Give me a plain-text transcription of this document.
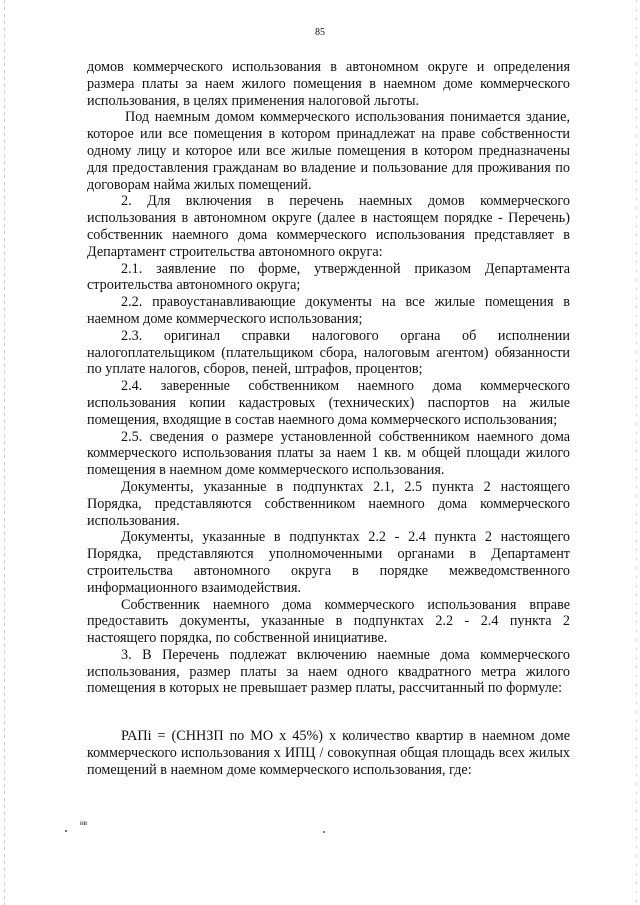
85

домов коммерческого использования в автономном округе и определения размера платы за наем жилого помещения в наемном доме коммерческого использования, в целях применения налоговой льготы.

Под наемным домом коммерческого использования понимается здание, которое или все помещения в котором принадлежат на праве собственности одному лицу и которое или все жилые помещения в котором предназначены для предоставления гражданам во владение и пользование для проживания по договорам найма жилых помещений.

2. Для включения в перечень наемных домов коммерческого использования в автономном округе (далее в настоящем порядке - Перечень) собственник наемного дома коммерческого использования представляет в Департамент строительства автономного округа:

2.1. заявление по форме, утвержденной приказом Департамента строительства автономного округа;

2.2. правоустанавливающие документы на все жилые помещения в наемном доме коммерческого использования;

2.3. оригинал справки налогового органа об исполнении налогоплательщиком (плательщиком сбора, налоговым агентом) обязанности по уплате налогов, сборов, пеней, штрафов, процентов;

2.4. заверенные собственником наемного дома коммерческого использования копии кадастровых (технических) паспортов на жилые помещения, входящие в состав наемного дома коммерческого использования;

2.5. сведения о размере установленной собственником наемного дома коммерческого использования платы за наем 1 кв. м общей площади жилого помещения в наемном доме коммерческого использования.

Документы, указанные в подпунктах 2.1, 2.5 пункта 2 настоящего Порядка, представляются собственником наемного дома коммерческого использования.

Документы, указанные в подпунктах 2.2 - 2.4 пункта 2 настоящего Порядка, представляются уполномоченными органами в Департамент строительства автономного округа в порядке межведомственного информационного взаимодействия.

Собственник наемного дома коммерческого использования вправе предоставить документы, указанные в подпунктах 2.2 - 2.4 пункта 2 настоящего порядка, по собственной инициативе.

3. В Перечень подлежат включению наемные дома коммерческого использования, размер платы за наем одного квадратного метра жилого помещения в которых не превышает размер платы, рассчитанный по формуле:

РАПi = (СННЗП по МО х 45%) х количество квартир в наемном доме коммерческого использования х ИПЦ / совокупная общая площадь всех жилых помещений в наемном доме коммерческого использования, где:

нв
